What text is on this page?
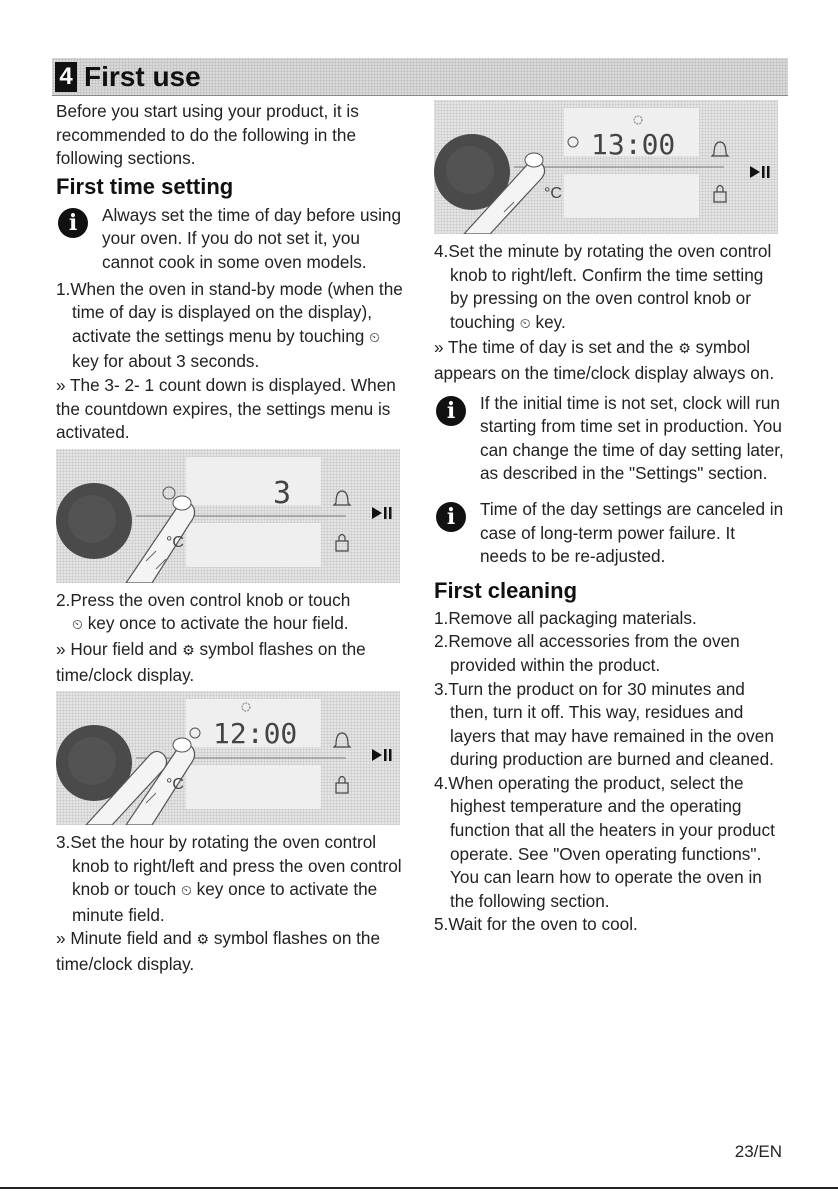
4 First use

Before you start using your product, it is recommended to do the following in the following sections.

First time setting
i	Always set the time of day before using your oven. If you do not set it, you cannot cook in some oven models.

1.When the oven in stand-by mode (when the time of day is displayed on the display), activate the settings menu by touching ⏲ key for about 3 seconds.

» The 3- 2- 1 count down is displayed. When the countdown expires, the settings menu is activated.

3
°C

2.Press the oven control knob or touch
⏲ key once to activate the hour field.

» Hour field and ⚙ symbol flashes on the time/clock display.

12:00
°C

3.Set the hour by rotating the oven control knob to right/left and press the oven control knob or touch ⏲ key once to activate the minute field.

» Minute field and ⚙ symbol flashes on the time/clock display.

13:00
°C

4.Set the minute by rotating the oven control knob to right/left. Confirm the time setting by pressing on the oven control knob or touching ⏲ key.

» The time of day is set and the ⚙ symbol appears on the time/clock display always on.

i	If the initial time is not set, clock will run starting from time set in production. You can change the time of day setting later, as described in the "Settings" section.

i	Time of the day settings are canceled in case of long-term power failure. It needs to be re-adjusted.

First cleaning

1.Remove all packaging materials.

2.Remove all accessories from the oven provided within the product.

3.Turn the product on for 30 minutes and then, turn it off. This way, residues and layers that may have remained in the oven during production are burned and cleaned.

4.When operating the product, select the highest temperature and the operating function that all the heaters in your product operate. See "Oven operating functions". You can learn how to operate the oven in the following section.

5.Wait for the oven to cool.

23/EN
